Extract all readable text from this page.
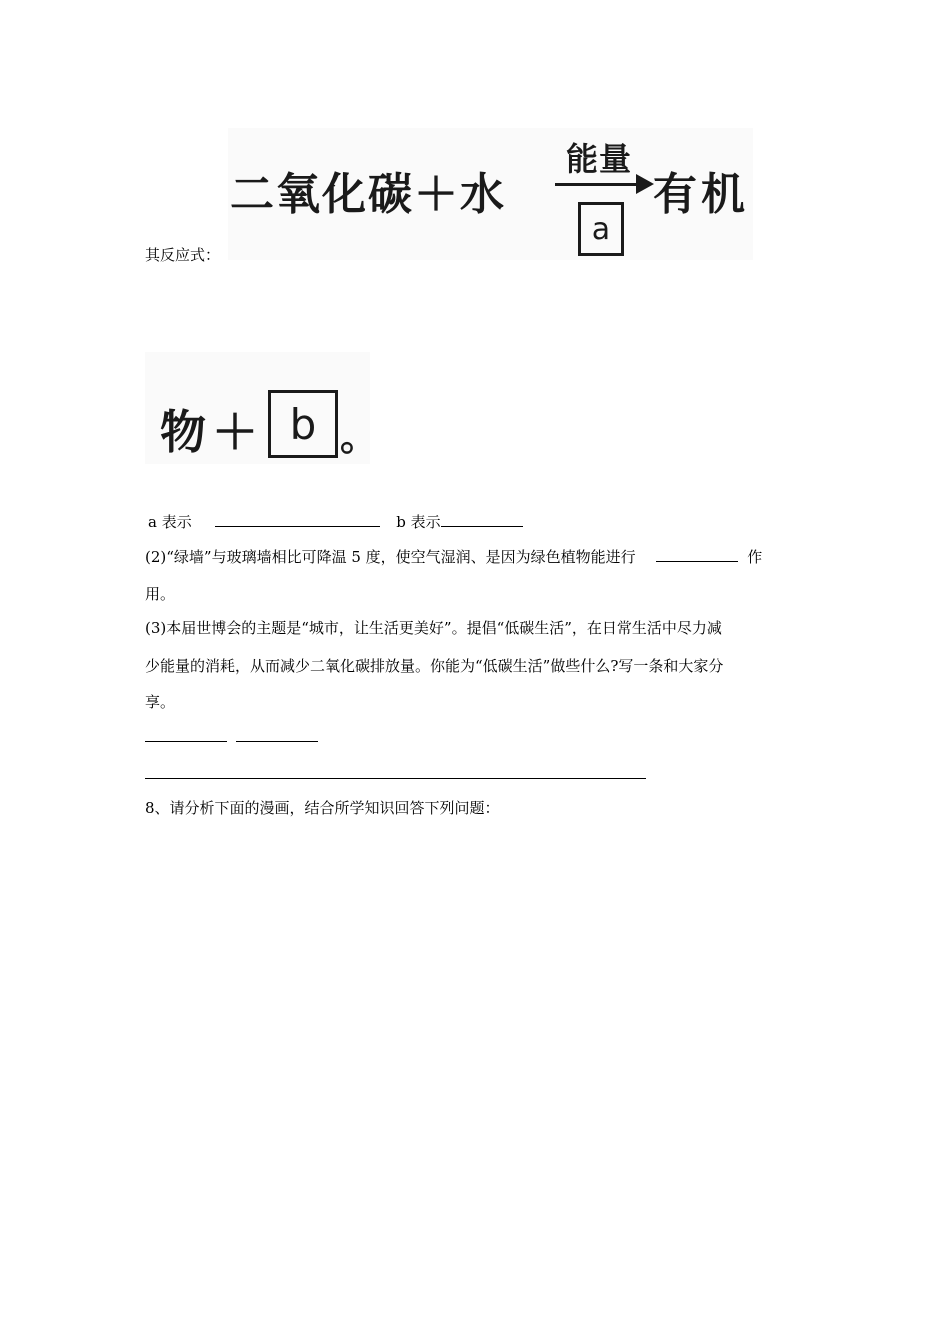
二氧化碳＋水
能量
a
有机
其反应式：
物＋ b 。
a 表示	b 表示
(2)“绿墙”与玻璃墙相比可降温 5 度，使空气湿润、是因为绿色植物能进行	作
用。
(3)本届世博会的主题是“城市，让生活更美好”。提倡“低碳生活”，在日常生活中尽力减
少能量的消耗，从而减少二氧化碳排放量。你能为“低碳生活”做些什么?写一条和大家分
享。

8、请分析下面的漫画，结合所学知识回答下列问题：
